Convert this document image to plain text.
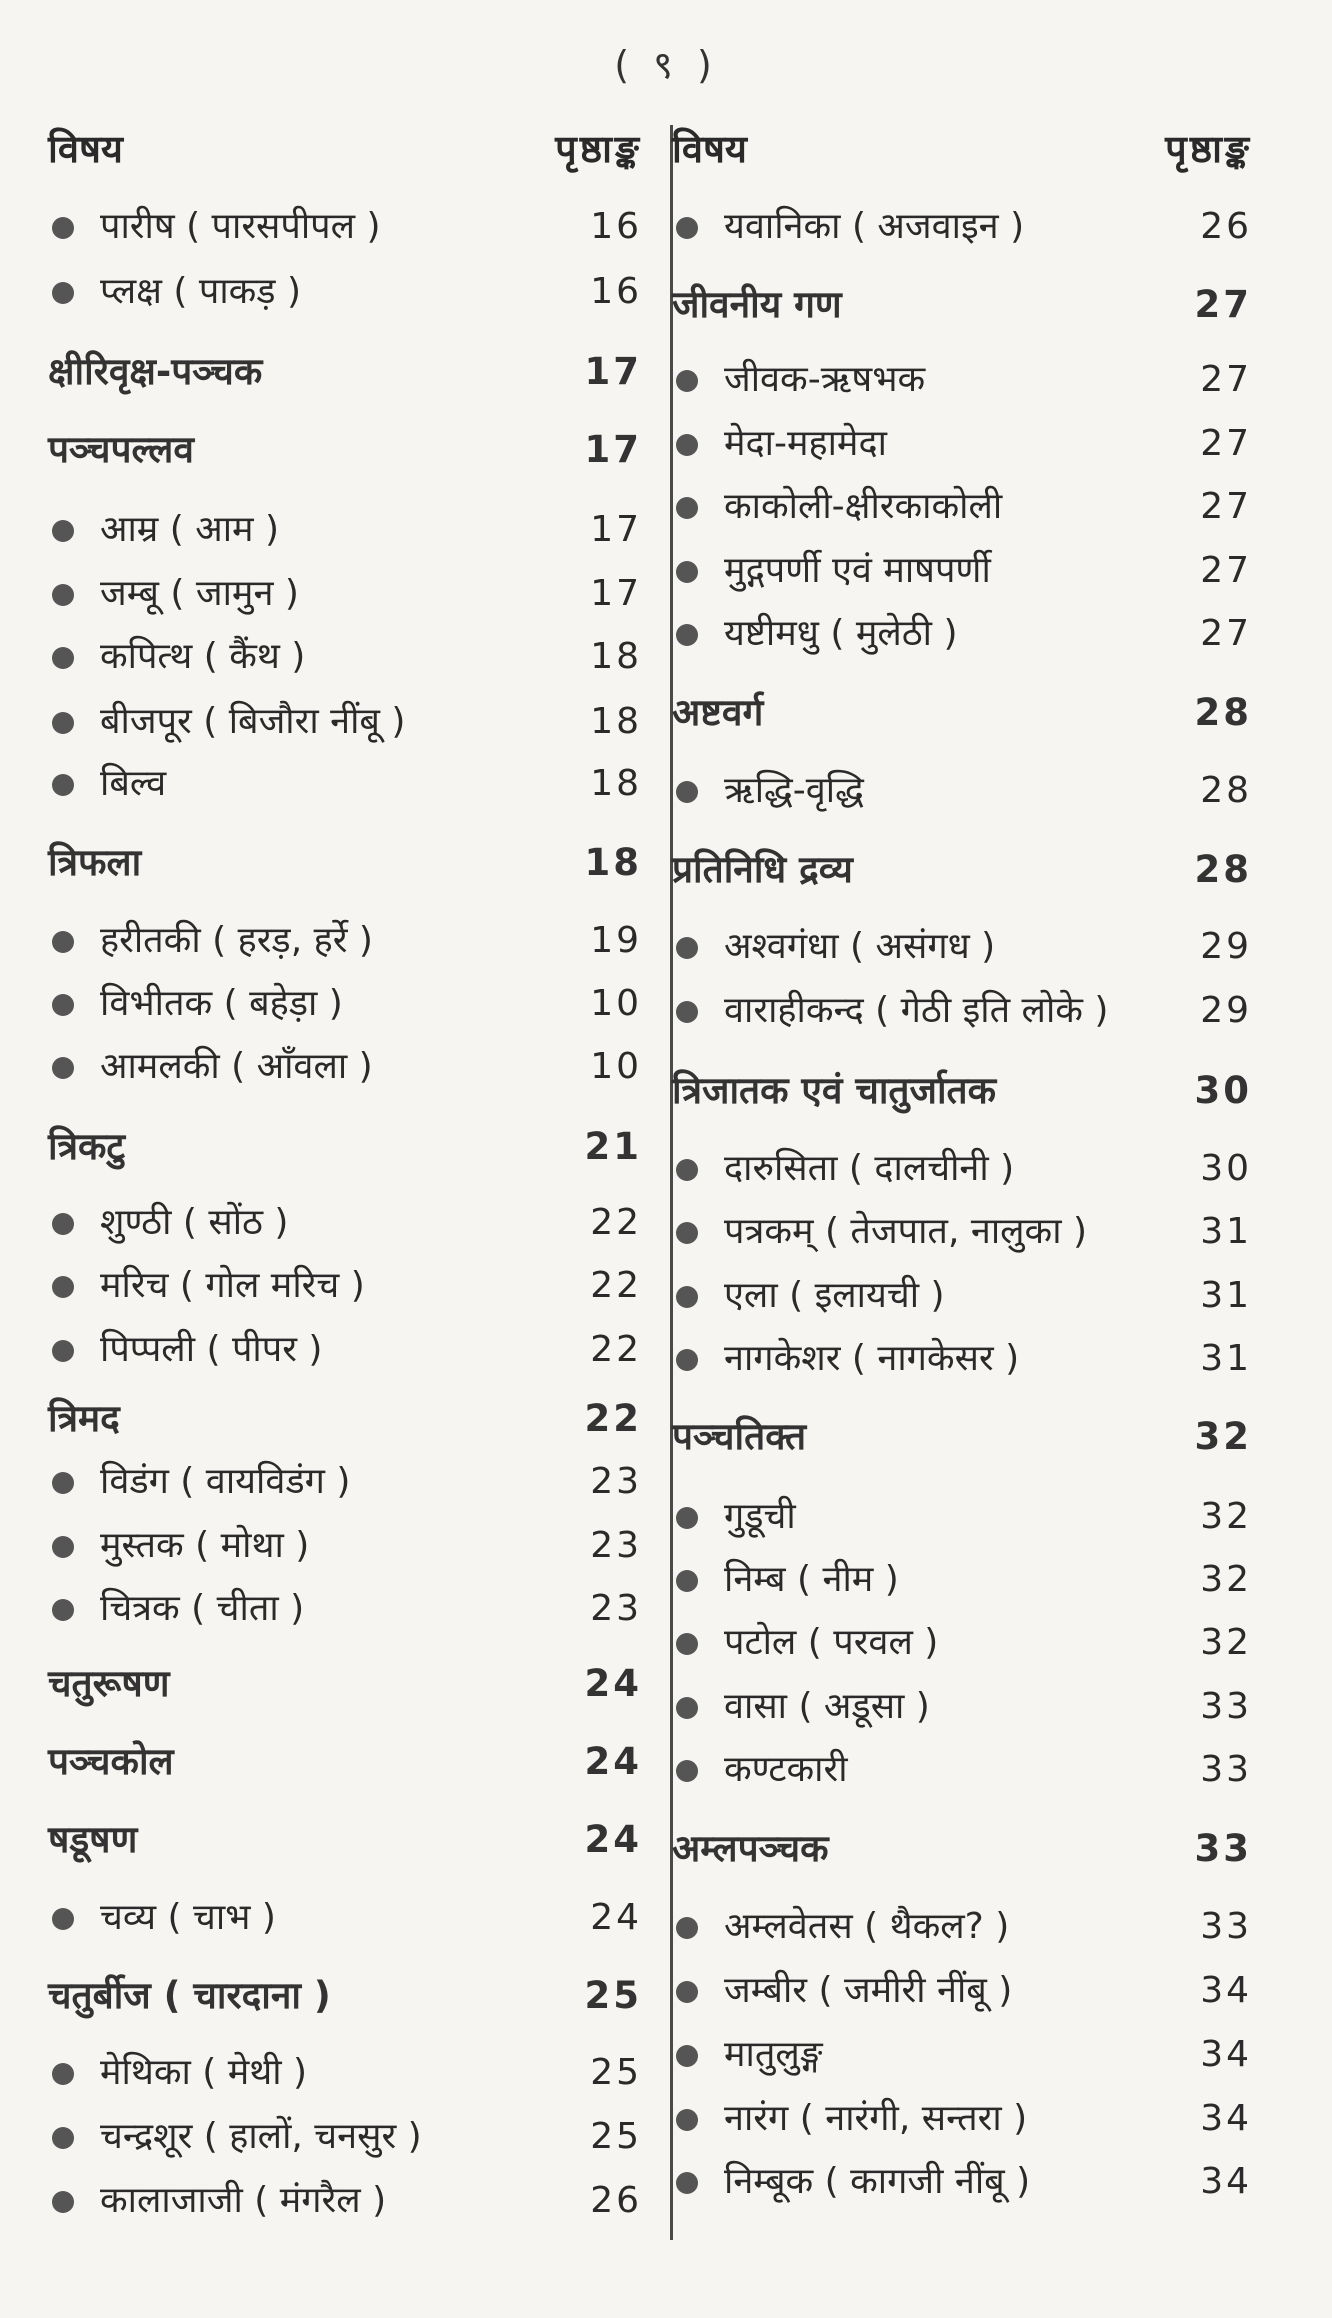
( ९ )
विषय	पृष्ठाङ्क
पारीष ( पारसपीपल )	16
प्लक्ष ( पाकड़ )	16
क्षीरिवृक्ष-पञ्चक	17
पञ्चपल्लव	17
आम्र ( आम )	17
जम्बू ( जामुन )	17
कपित्थ ( कैंथ )	18
बीजपूर ( बिजौरा नींबू )	18
बिल्व	18
त्रिफला	18
हरीतकी ( हरड़, हर्रे )	19
विभीतक ( बहेड़ा )	10
आमलकी ( आँवला )	10
त्रिकटु	21
शुण्ठी ( सोंठ )	22
मरिच ( गोल मरिच )	22
पिप्पली ( पीपर )	22
त्रिमद	22
विडंग ( वायविडंग )	23
मुस्तक ( मोथा )	23
चित्रक ( चीता )	23
चतुरूषण	24
पञ्चकोल	24
षडूषण	24
चव्य ( चाभ )	24
चतुर्बीज ( चारदाना )	25
मेथिका ( मेथी )	25
चन्द्रशूर ( हालों, चनसुर )	25
कालाजाजी ( मंगरैल )	26
विषय	पृष्ठाङ्क
यवानिका ( अजवाइन )	26
जीवनीय गण	27
जीवक-ऋषभक	27
मेदा-महामेदा	27
काकोली-क्षीरकाकोली	27
मुद्गपर्णी एवं माषपर्णी	27
यष्टीमधु ( मुलेठी )	27
अष्टवर्ग	28
ऋद्धि-वृद्धि	28
प्रतिनिधि द्रव्य	28
अश्वगंधा ( असंगध )	29
वाराहीकन्द ( गेठी इति लोके )	29
त्रिजातक एवं चातुर्जातक	30
दारुसिता ( दालचीनी )	30
पत्रकम् ( तेजपात, नालुका )	31
एला ( इलायची )	31
नागकेशर ( नागकेसर )	31
पञ्चतिक्त	32
गुडूची	32
निम्ब ( नीम )	32
पटोल ( परवल )	32
वासा ( अडूसा )	33
कण्टकारी	33
अम्लपञ्चक	33
अम्लवेतस ( थैकल? )	33
जम्बीर ( जमीरी नींबू )	34
मातुलुङ्ग	34
नारंग ( नारंगी, सन्तरा )	34
निम्बूक ( कागजी नींबू )	34
